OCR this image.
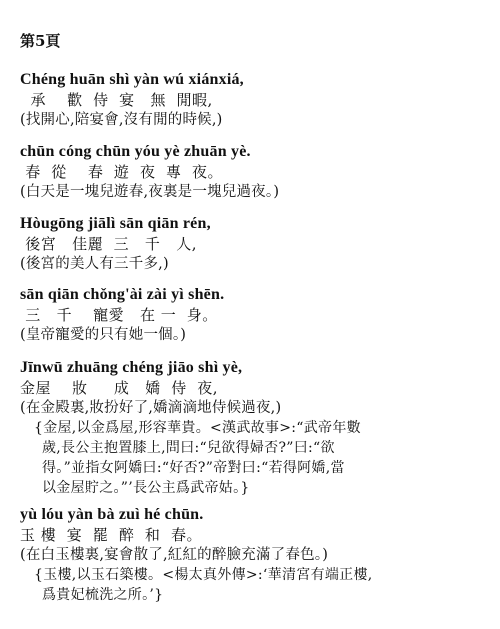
第5頁
Chéng huān shì yàn wú xiánxiá,
承    歡  侍  宴   無  閒暇,
(找開心,陪宴會,沒有閒的時候,)
chūn cóng chūn yóu yè zhuān yè.
春  從    春  遊  夜  專  夜。
(白天是一塊兒遊春,夜裏是一塊兒過夜。)
Hòugōng jiālì sān qiān rén,
後宮   佳麗  三   千   人,
(後宮的美人有三千多,)
sān qiān chǒng'ài zài yì shēn.
三   千    寵愛   在 一  身。
(皇帝寵愛的只有她一個。)
Jīnwū zhuāng chéng jiāo shì yè,
金屋    妝     成   嬌  侍  夜,
(在金殿裏,妝扮好了,嬌滴滴地侍候過夜,)
{金屋,以金爲屋,形容華貴。<漢武故事>:“武帝年數
歲,長公主抱置膝上,問曰:“兒欲得婦否?”曰:“欲
得。”並指女阿嬌曰:“好否?”帝對曰:“若得阿嬌,當
以金屋貯之。”’長公主爲武帝姑。}
yù lóu yàn bà zuì hé chūn.
玉 樓  宴  罷  醉  和  春。
(在白玉樓裏,宴會散了,紅紅的醉臉充滿了春色。)
{玉樓,以玉石築樓。<楊太真外傳>:‘華清宮有端正樓,
爲貴妃梳洗之所。’}
